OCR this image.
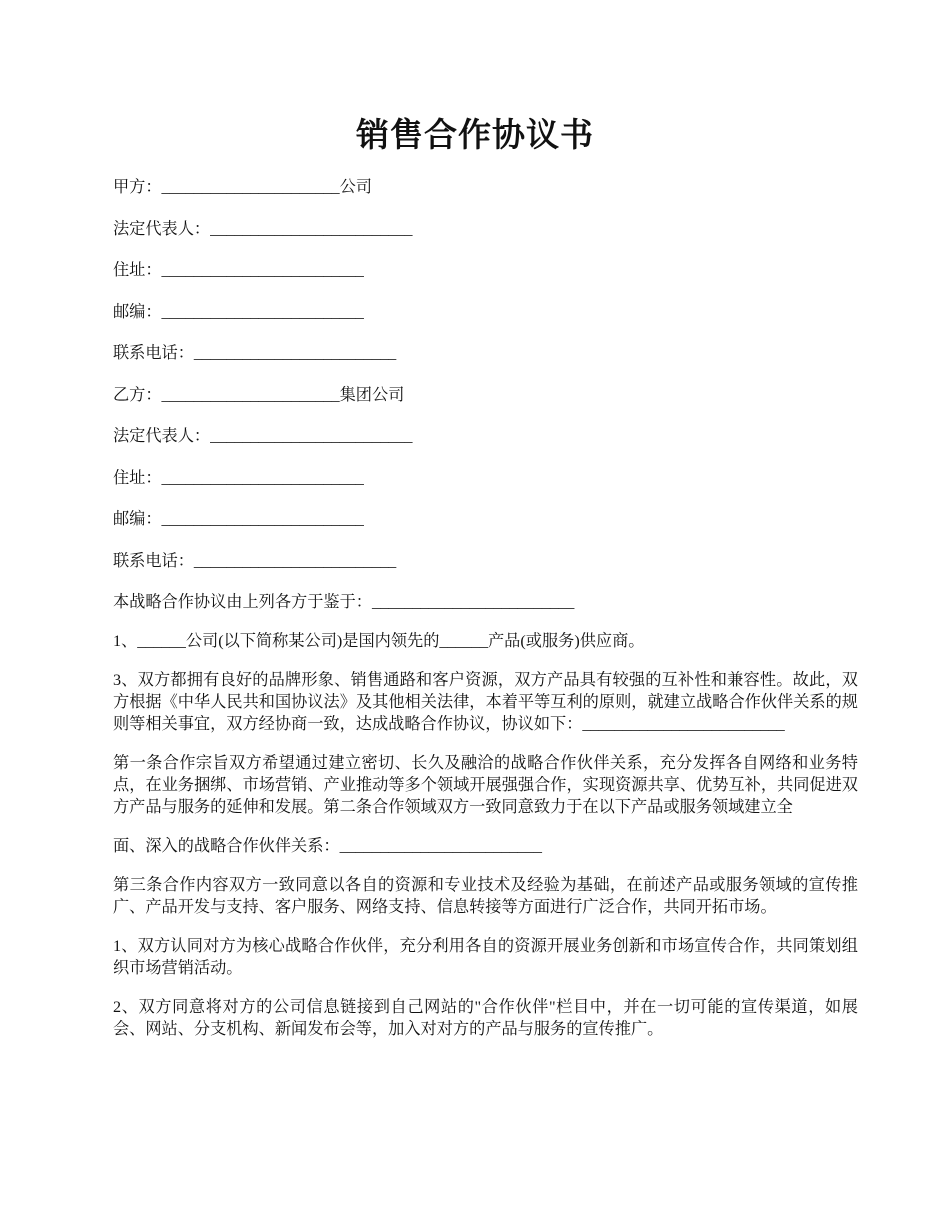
销售合作协议书
甲方：______________________公司
法定代表人：_________________________
住址：_________________________
邮编：_________________________
联系电话：_________________________
乙方：______________________集团公司
法定代表人：_________________________
住址：_________________________
邮编：_________________________
联系电话：_________________________
本战略合作协议由上列各方于鉴于：_________________________
1、______公司(以下简称某公司)是国内领先的______产品(或服务)供应商。
3、双方都拥有良好的品牌形象、销售通路和客户资源，双方产品具有较强的互补性和兼容性。故此，双方根据《中华人民共和国协议法》及其他相关法律，本着平等互利的原则，就建立战略合作伙伴关系的规则等相关事宜，双方经协商一致，达成战略合作协议，协议如下：_________________________
第一条合作宗旨双方希望通过建立密切、长久及融洽的战略合作伙伴关系，充分发挥各自网络和业务特点，在业务捆绑、市场营销、产业推动等多个领域开展强强合作，实现资源共享、优势互补，共同促进双方产品与服务的延伸和发展。第二条合作领域双方一致同意致力于在以下产品或服务领域建立全
面、深入的战略合作伙伴关系：_________________________
第三条合作内容双方一致同意以各自的资源和专业技术及经验为基础，在前述产品或服务领域的宣传推广、产品开发与支持、客户服务、网络支持、信息转接等方面进行广泛合作，共同开拓市场。
1、双方认同对方为核心战略合作伙伴，充分利用各自的资源开展业务创新和市场宣传合作，共同策划组织市场营销活动。
2、双方同意将对方的公司信息链接到自己网站的"合作伙伴"栏目中，并在一切可能的宣传渠道，如展会、网站、分支机构、新闻发布会等，加入对对方的产品与服务的宣传推广。
